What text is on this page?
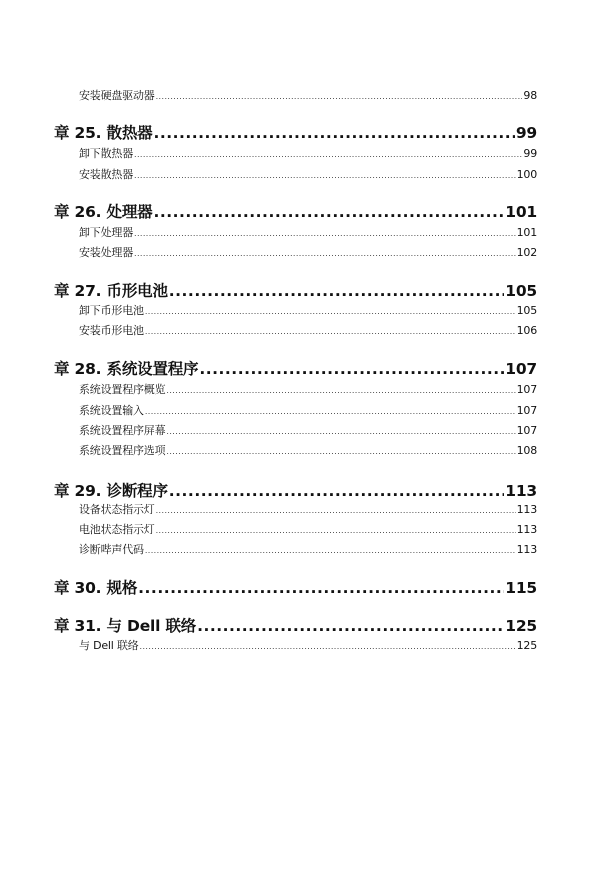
安装硬盘驱动器 .....	98
章 25. 散热器 .....	99
卸下散热器 .....	99
安装散热器 .....	100
章 26. 处理器 .....	101
卸下处理器 .....	101
安装处理器 .....	102
章 27. 币形电池 .....	105
卸下币形电池 .....	105
安装币形电池 .....	106
章 28. 系统设置程序 .....	107
系统设置程序概览 .....	107
系统设置输入 .....	107
系统设置程序屏幕 .....	107
系统设置程序选项 .....	108
章 29. 诊断程序 .....	113
设备状态指示灯 .....	113
电池状态指示灯 .....	113
诊断哔声代码 .....	113
章 30. 规格 .....	115
章 31. 与 Dell 联络 .....	125
与 Dell 联络 .....	125
